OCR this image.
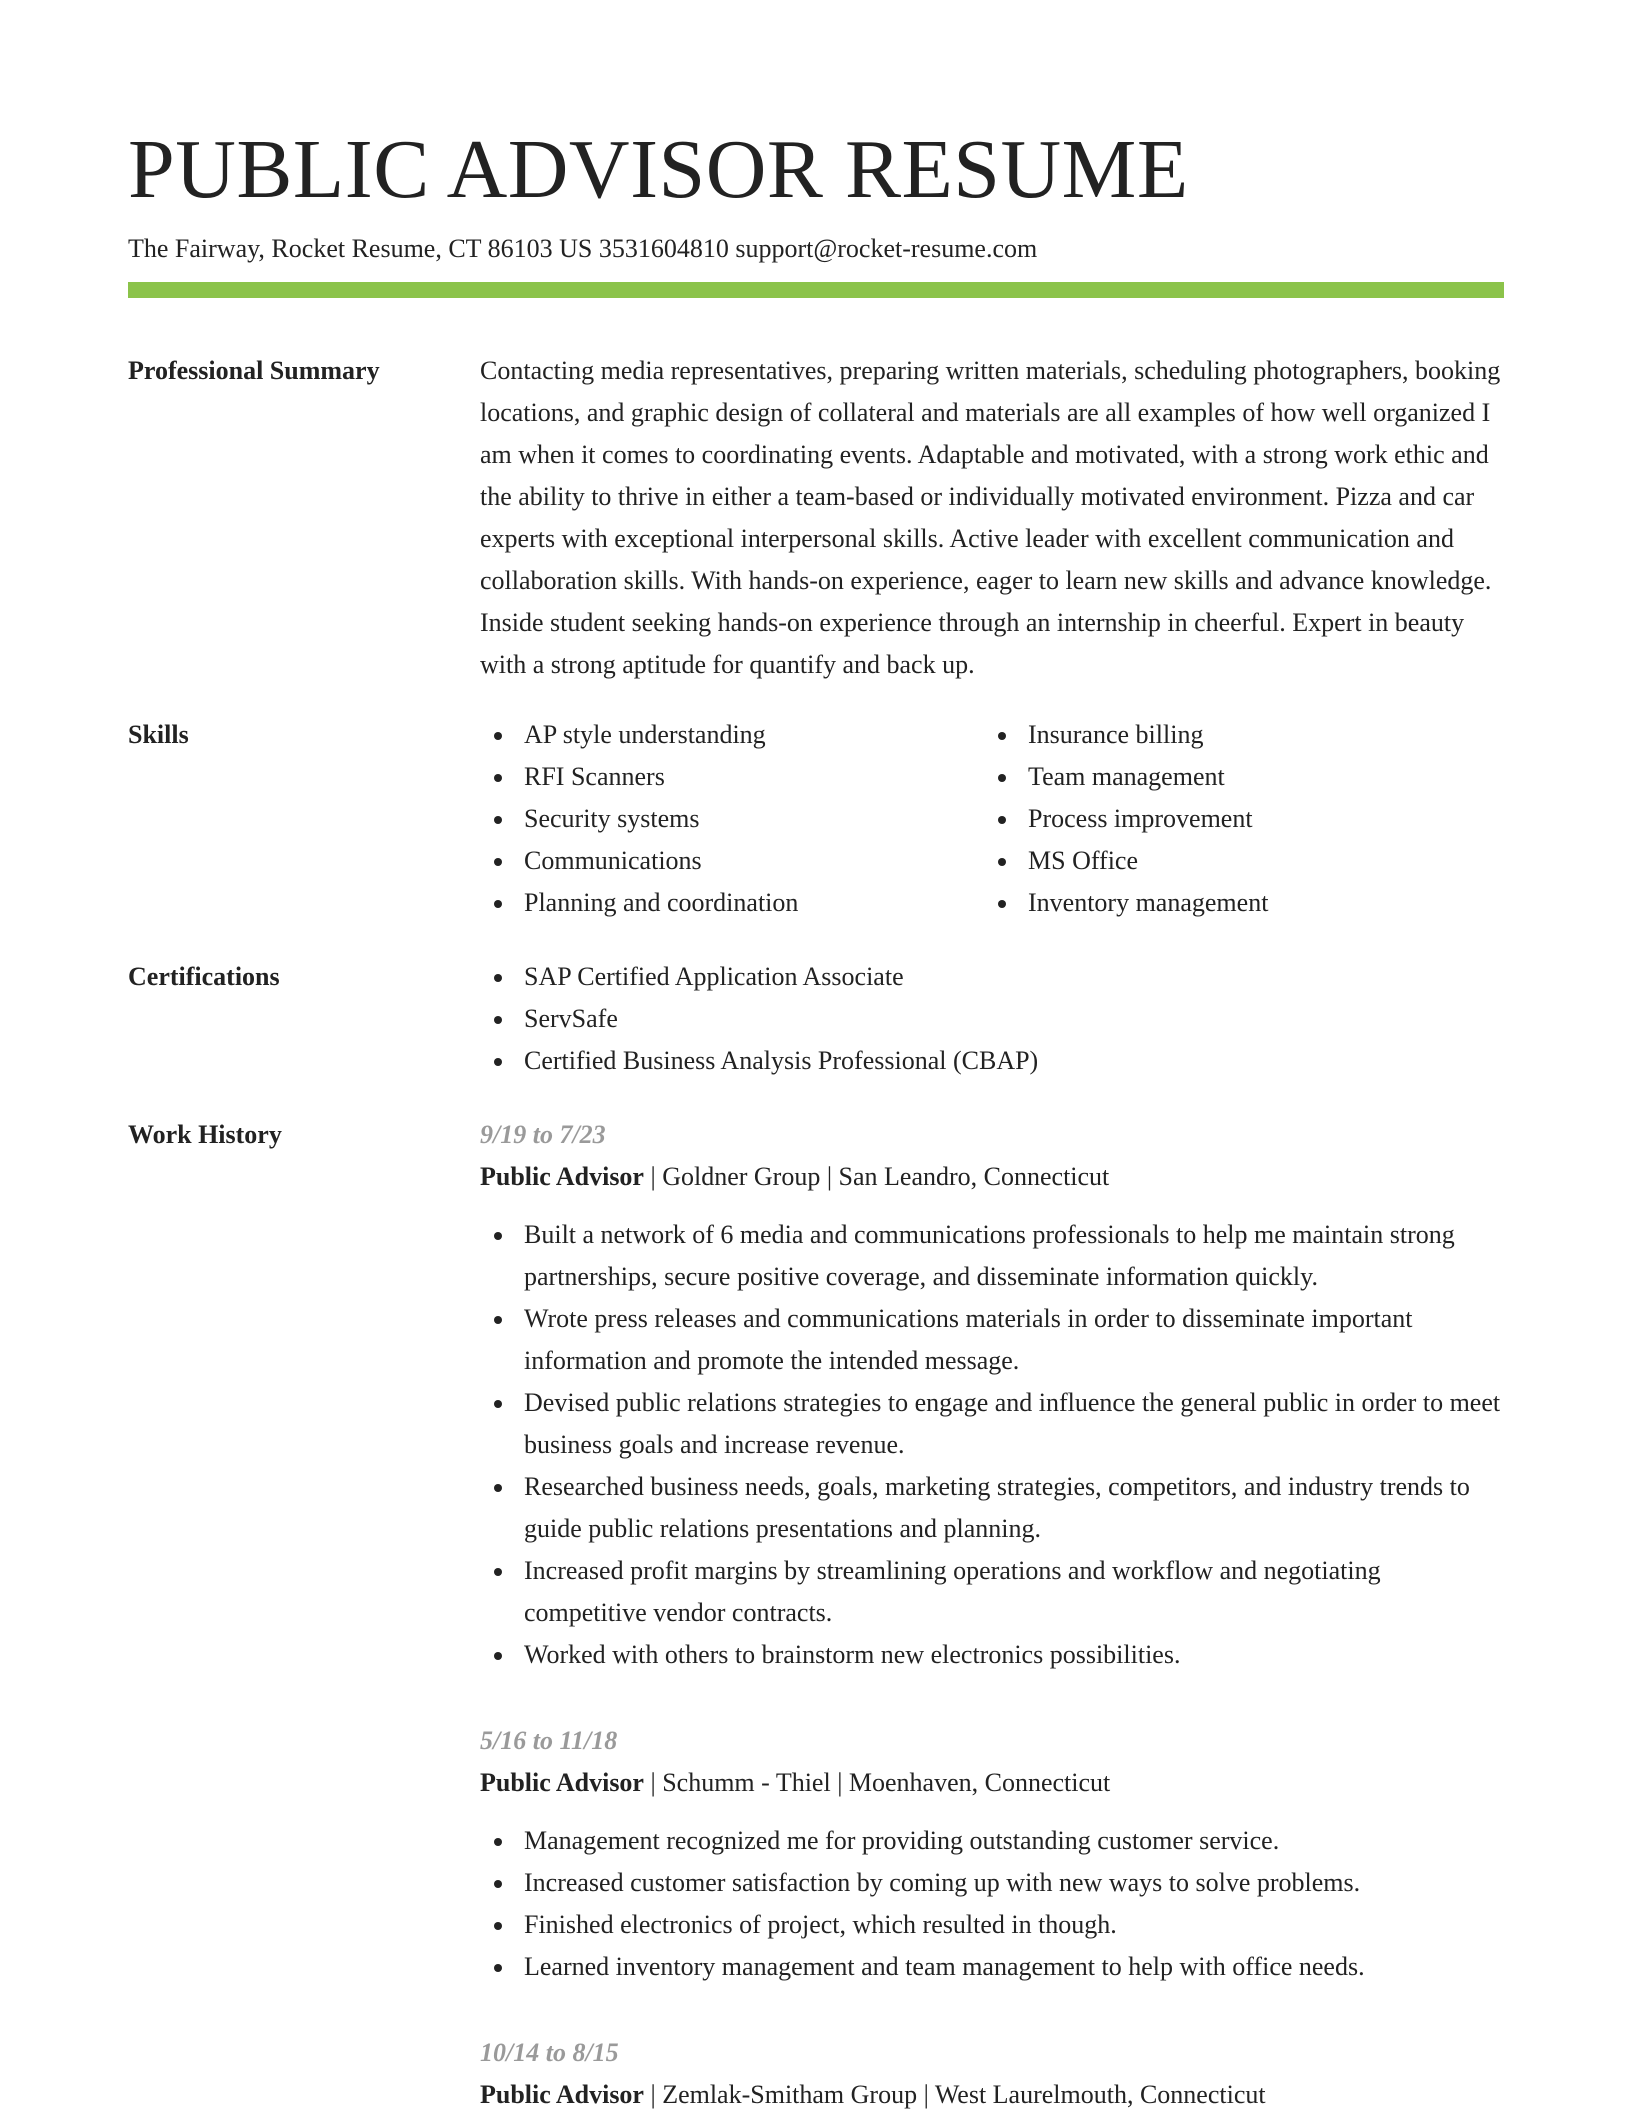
PUBLIC ADVISOR RESUME
The Fairway, Rocket Resume, CT 86103 US 3531604810 support@rocket-resume.com
Professional Summary	Contacting media representatives, preparing written materials, scheduling photographers, booking locations, and graphic design of collateral and materials are all examples of how well organized I am when it comes to coordinating events. Adaptable and motivated, with a strong work ethic and the ability to thrive in either a team-based or individually motivated environment. Pizza and car experts with exceptional interpersonal skills. Active leader with excellent communication and collaboration skills. With hands-on experience, eager to learn new skills and advance knowledge. Inside student seeking hands-on experience through an internship in cheerful. Expert in beauty with a strong aptitude for quantify and back up.

Skills	AP style understanding
RFI Scanners
Security systems
Communications
Planning and coordination
Insurance billing
Team management
Process improvement
MS Office
Inventory management
Certifications	SAP Certified Application Associate
ServSafe
Certified Business Analysis Professional (CBAP)
Work History	9/19 to 7/23
Public Advisor | Goldner Group | San Leandro, Connecticut
Built a network of 6 media and communications professionals to help me maintain strong partnerships, secure positive coverage, and disseminate information quickly.
Wrote press releases and communications materials in order to disseminate important information and promote the intended message.
Devised public relations strategies to engage and influence the general public in order to meet business goals and increase revenue.
Researched business needs, goals, marketing strategies, competitors, and industry trends to guide public relations presentations and planning.
Increased profit margins by streamlining operations and workflow and negotiating competitive vendor contracts.
Worked with others to brainstorm new electronics possibilities.
5/16 to 11/18
Public Advisor | Schumm - Thiel | Moenhaven, Connecticut
Management recognized me for providing outstanding customer service.
Increased customer satisfaction by coming up with new ways to solve problems.
Finished electronics of project, which resulted in though.
Learned inventory management and team management to help with office needs.
10/14 to 8/15
Public Advisor | Zemlak-Smitham Group | West Laurelmouth, Connecticut
